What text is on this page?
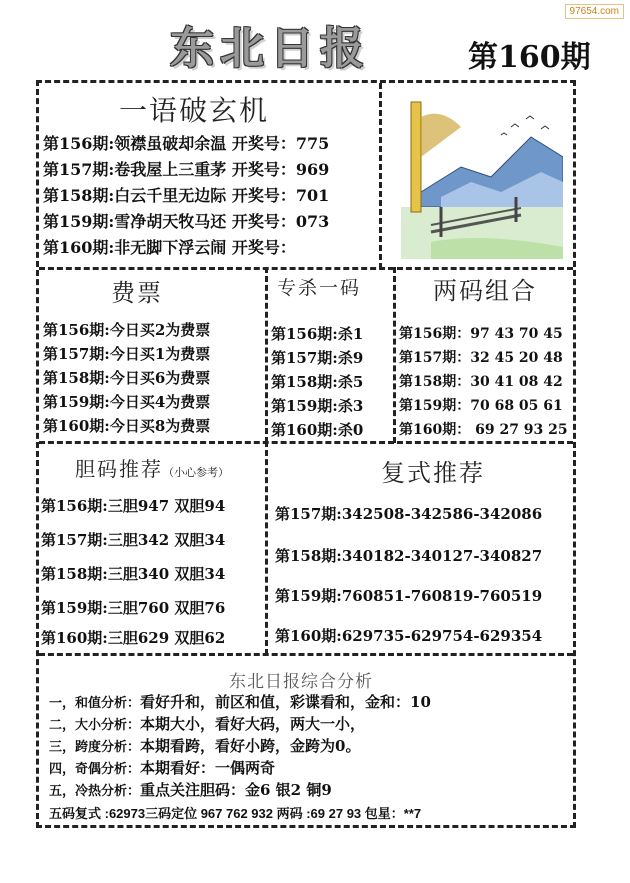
97654.com
东北日报	第160期
一语破玄机
第156期:领襟虽破却余温 开奖号：775
第157期:卷我屋上三重茅 开奖号：969
第158期:白云千里无边际 开奖号：701
第159期:雪净胡天牧马还 开奖号：073
第160期:非无脚下浮云闹 开奖号：
费票
第156期:今日买2为费票
第157期:今日买1为费票
第158期:今日买6为费票
第159期:今日买4为费票
第160期:今日买8为费票
专杀一码
第156期:杀1
第157期:杀9
第158期:杀5
第159期:杀3
第160期:杀0
两码组合
第156期：97 43 70 45
第157期：32 45 20 48
第158期：30 41 08 42
第159期：70 68 05 61
第160期： 69 27 93 25
胆码推荐（小心参考）
第156期:三胆947 双胆94
第157期:三胆342 双胆34
第158期:三胆340 双胆34
第159期:三胆760 双胆76
第160期:三胆629 双胆62
复式推荐
第157期:342508-342586-342086
第158期:340182-340127-340827
第159期:760851-760819-760519
第160期:629735-629754-629354
东北日报综合分析
一，和值分析：看好升和，前区和值，彩谍看和，金和：10
二，大小分析：本期大小，看好大码，两大一小，
三，跨度分析：本期看跨，看好小跨，金跨为0。
四，奇偶分析：本期看好：一偶两奇
五，冷热分析：重点关注胆码：金6 银2 铜9
五码复式 :62973三码定位 967 762 932 两码 :69 27 93 包星：**7
